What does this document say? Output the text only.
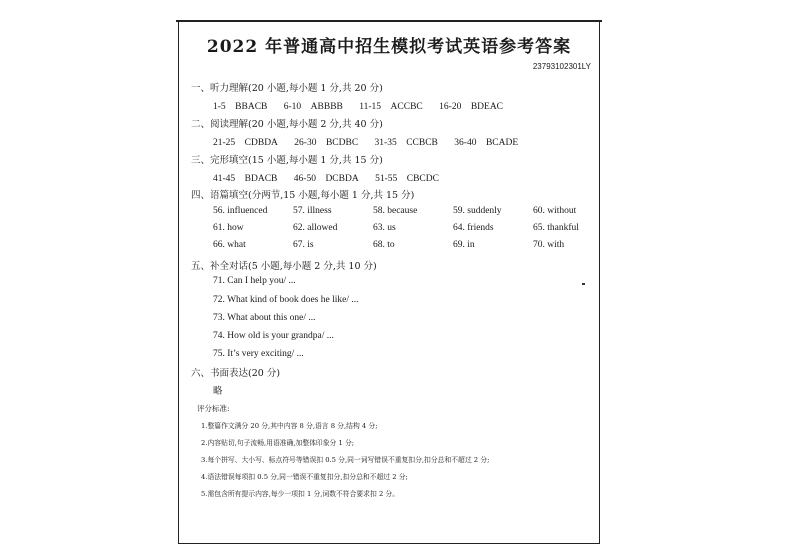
2022 年普通高中招生模拟考试英语参考答案
23793102301LY
一、听力理解(20 小题,每小题 1 分,共 20 分)
1-5　BBACB 6-10　ABBBB 11-15　ACCBC 16-20　BDEAC
二、阅读理解(20 小题,每小题 2 分,共 40 分)
21-25　CDBDA 26-30　BCDBC 31-35　CCBCB 36-40　BCADE
三、完形填空(15 小题,每小题 1 分,共 15 分)
41-45　BDACB 46-50　DCBDA 51-55　CBCDC
四、语篇填空(分两节,15 小题,每小题 1 分,共 15 分)
56. influenced	57. illness	58. because	59. suddenly	60. without
61. how	62. allowed	63. us	64. friends	65. thankful
66. what	67. is	68. to	69. in	70. with
五、补全对话(5 小题,每小题 2 分,共 10 分)
71. Can I help you/ ...
72. What kind of book does he like/ ...
73. What about this one/ ...
74. How old is your grandpa/ ...
75. It’s very exciting/ ...
六、书面表达(20 分)
略
评分标准:
1.整篇作文满分 20 分,其中内容 8 分,语言 8 分,结构 4 分;
2.内容贴切,句子流畅,用语准确,加整体印象分 1 分;
3.每个拼写、大小写、标点符号等错误扣 0.5 分,同一词写错误不重复扣分,扣分总和不超过 2 分;
4.语法错误每项扣 0.5 分,同一错误不重复扣分,扣分总和不超过 2 分;
5.需包含所有提示内容,每少一项扣 1 分,词数不符合要求扣 2 分。
